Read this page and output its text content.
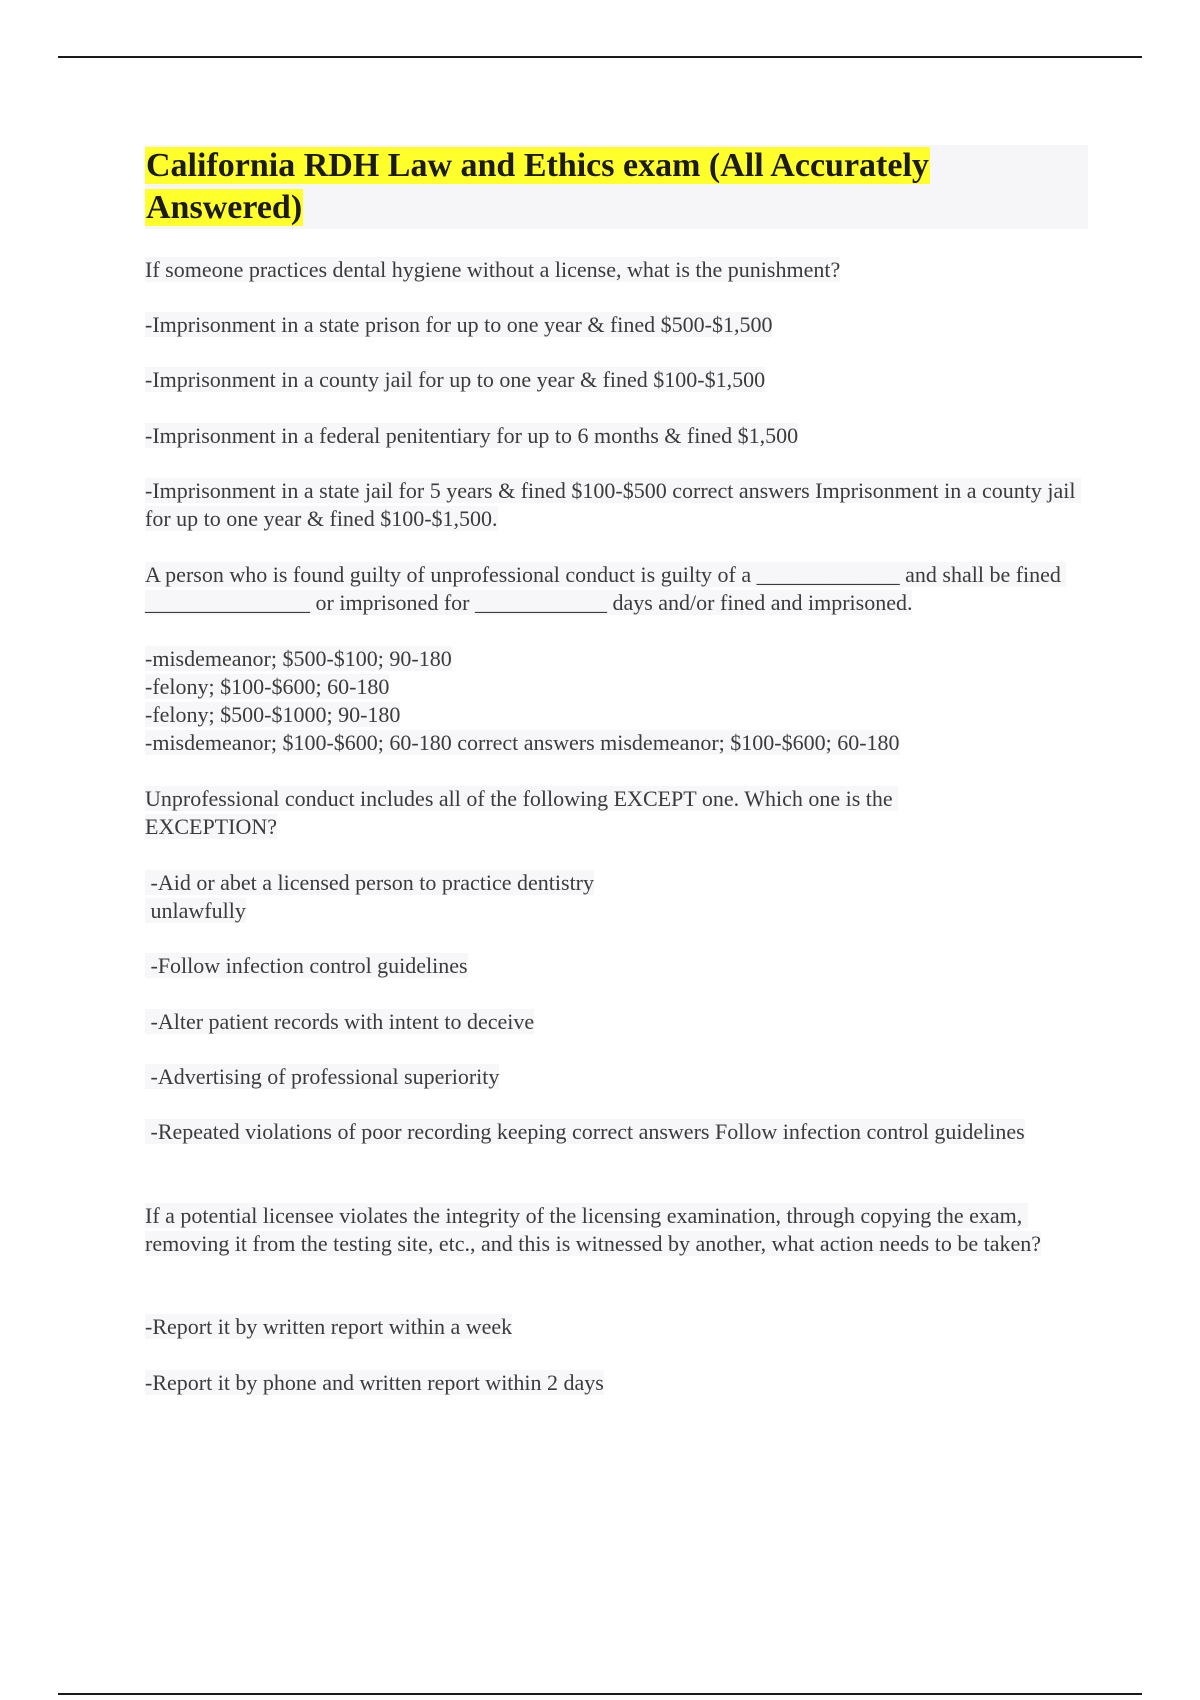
California RDH Law and Ethics exam (All Accurately Answered)

If someone practices dental hygiene without a license, what is the punishment?

-Imprisonment in a state prison for up to one year & fined $500-$1,500

-Imprisonment in a county jail for up to one year & fined $100-$1,500

-Imprisonment in a federal penitentiary for up to 6 months & fined $1,500

-Imprisonment in a state jail for 5 years & fined $100-$500 correct answers Imprisonment in a county jail for up to one year & fined $100-$1,500.

A person who is found guilty of unprofessional conduct is guilty of a _____________ and shall be fined _______________ or imprisoned for ____________ days and/or fined and imprisoned.

-misdemeanor; $500-$100; 90-180
-felony; $100-$600; 60-180
-felony; $500-$1000; 90-180
-misdemeanor; $100-$600; 60-180 correct answers misdemeanor; $100-$600; 60-180

Unprofessional conduct includes all of the following EXCEPT one. Which one is the EXCEPTION?

-Aid or abet a licensed person to practice dentistry
unlawfully

-Follow infection control guidelines

-Alter patient records with intent to deceive

-Advertising of professional superiority

-Repeated violations of poor recording keeping correct answers Follow infection control guidelines

If a potential licensee violates the integrity of the licensing examination, through copying the exam, removing it from the testing site, etc., and this is witnessed by another, what action needs to be taken?

-Report it by written report within a week

-Report it by phone and written report within 2 days
